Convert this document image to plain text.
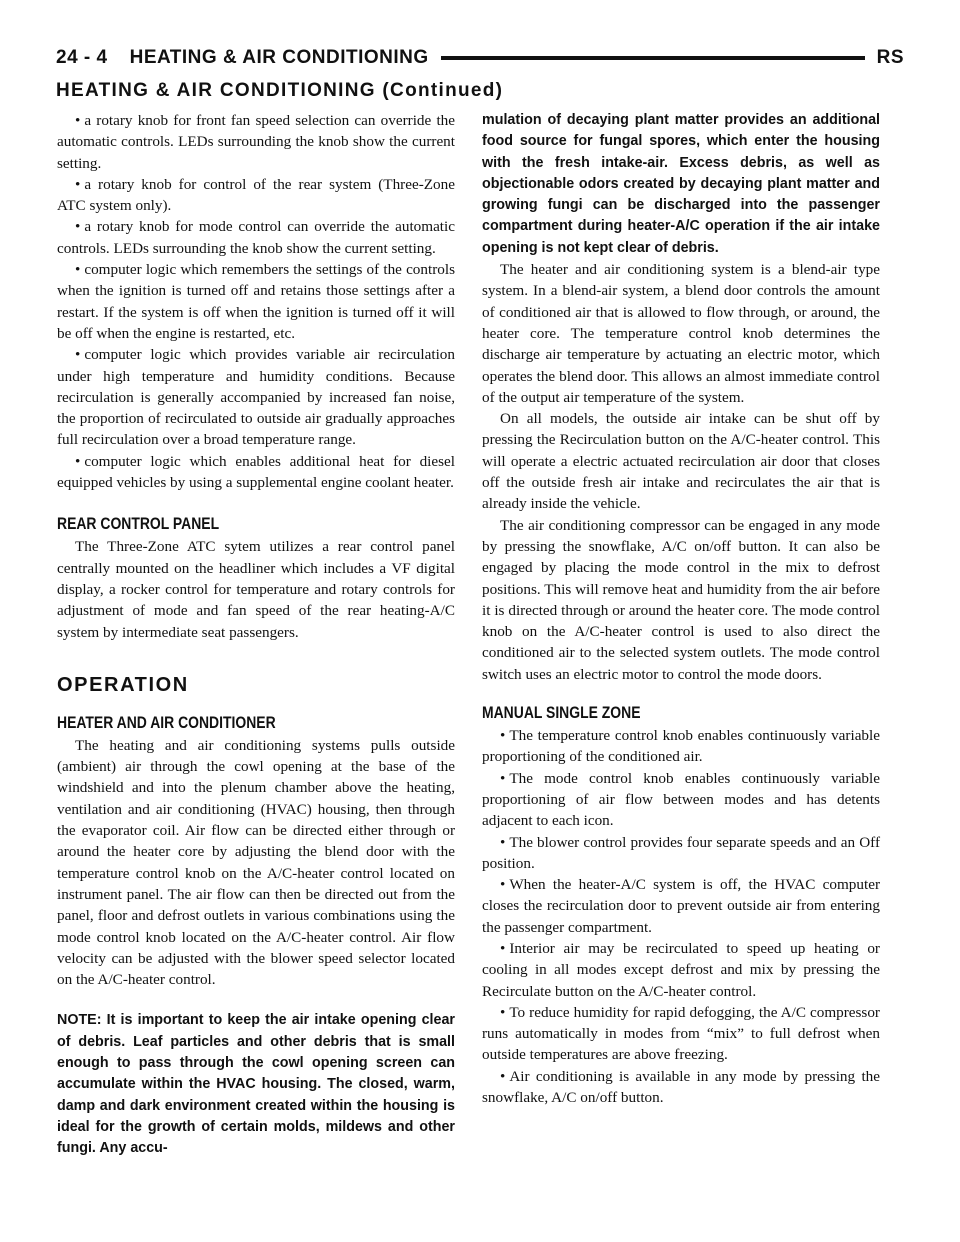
24 - 4 HEATING & AIR CONDITIONING	RS
HEATING & AIR CONDITIONING (Continued)

• a rotary knob for front fan speed selection can override the automatic controls. LEDs surrounding the knob show the current setting.

• a rotary knob for control of the rear system (Three-Zone ATC system only).

• a rotary knob for mode control can override the automatic controls. LEDs surrounding the knob show the current setting.

• computer logic which remembers the settings of the controls when the ignition is turned off and retains those settings after a restart. If the system is off when the ignition is turned off it will be off when the engine is restarted, etc.

• computer logic which provides variable air recirculation under high temperature and humidity conditions. Because recirculation is generally accompanied by increased fan noise, the proportion of recirculated to outside air gradually approaches full recirculation over a broad temperature range.

• computer logic which enables additional heat for diesel equipped vehicles by using a supplemental engine coolant heater.

REAR CONTROL PANEL

The Three-Zone ATC sytem utilizes a rear control panel centrally mounted on the headliner which includes a VF digital display, a rocker control for temperature and rotary controls for adjustment of mode and fan speed of the rear heating-A/C system by intermediate seat passengers.

OPERATION
HEATER AND AIR CONDITIONER

The heating and air conditioning systems pulls outside (ambient) air through the cowl opening at the base of the windshield and into the plenum chamber above the heating, ventilation and air conditioning (HVAC) housing, then through the evaporator coil. Air flow can be directed either through or around the heater core by adjusting the blend door with the temperature control knob on the A/C-heater control located on instrument panel. The air flow can then be directed out from the panel, floor and defrost outlets in various combinations using the mode control knob located on the A/C-heater control. Air flow velocity can be adjusted with the blower speed selector located on the A/C-heater control.

NOTE: It is important to keep the air intake opening clear of debris. Leaf particles and other debris that is small enough to pass through the cowl opening screen can accumulate within the HVAC housing. The closed, warm, damp and dark environment created within the housing is ideal for the growth of certain molds, mildews and other fungi. Any accu-

mulation of decaying plant matter provides an additional food source for fungal spores, which enter the housing with the fresh intake-air. Excess debris, as well as objectionable odors created by decaying plant matter and growing fungi can be discharged into the passenger compartment during heater-A/C operation if the air intake opening is not kept clear of debris.

The heater and air conditioning system is a blend-air type system. In a blend-air system, a blend door controls the amount of conditioned air that is allowed to flow through, or around, the heater core. The temperature control knob determines the discharge air temperature by actuating an electric motor, which operates the blend door. This allows an almost immediate control of the output air temperature of the system.

On all models, the outside air intake can be shut off by pressing the Recirculation button on the A/C-heater control. This will operate a electric actuated recirculation air door that closes off the outside fresh air intake and recirculates the air that is already inside the vehicle.

The air conditioning compressor can be engaged in any mode by pressing the snowflake, A/C on/off button. It can also be engaged by placing the mode control in the mix to defrost positions. This will remove heat and humidity from the air before it is directed through or around the heater core. The mode control knob on the A/C-heater control is used to also direct the conditioned air to the selected system outlets. The mode control switch uses an electric motor to control the mode doors.

MANUAL SINGLE ZONE

• The temperature control knob enables continuously variable proportioning of the conditioned air.

• The mode control knob enables continuously variable proportioning of air flow between modes and has detents adjacent to each icon.

• The blower control provides four separate speeds and an Off position.

• When the heater-A/C system is off, the HVAC computer closes the recirculation door to prevent outside air from entering the passenger compartment.

• Interior air may be recirculated to speed up heating or cooling in all modes except defrost and mix by pressing the Recirculate button on the A/C-heater control.

• To reduce humidity for rapid defogging, the A/C compressor runs automatically in modes from “mix” to full defrost when outside temperatures are above freezing.

• Air conditioning is available in any mode by pressing the snowflake, A/C on/off button.
